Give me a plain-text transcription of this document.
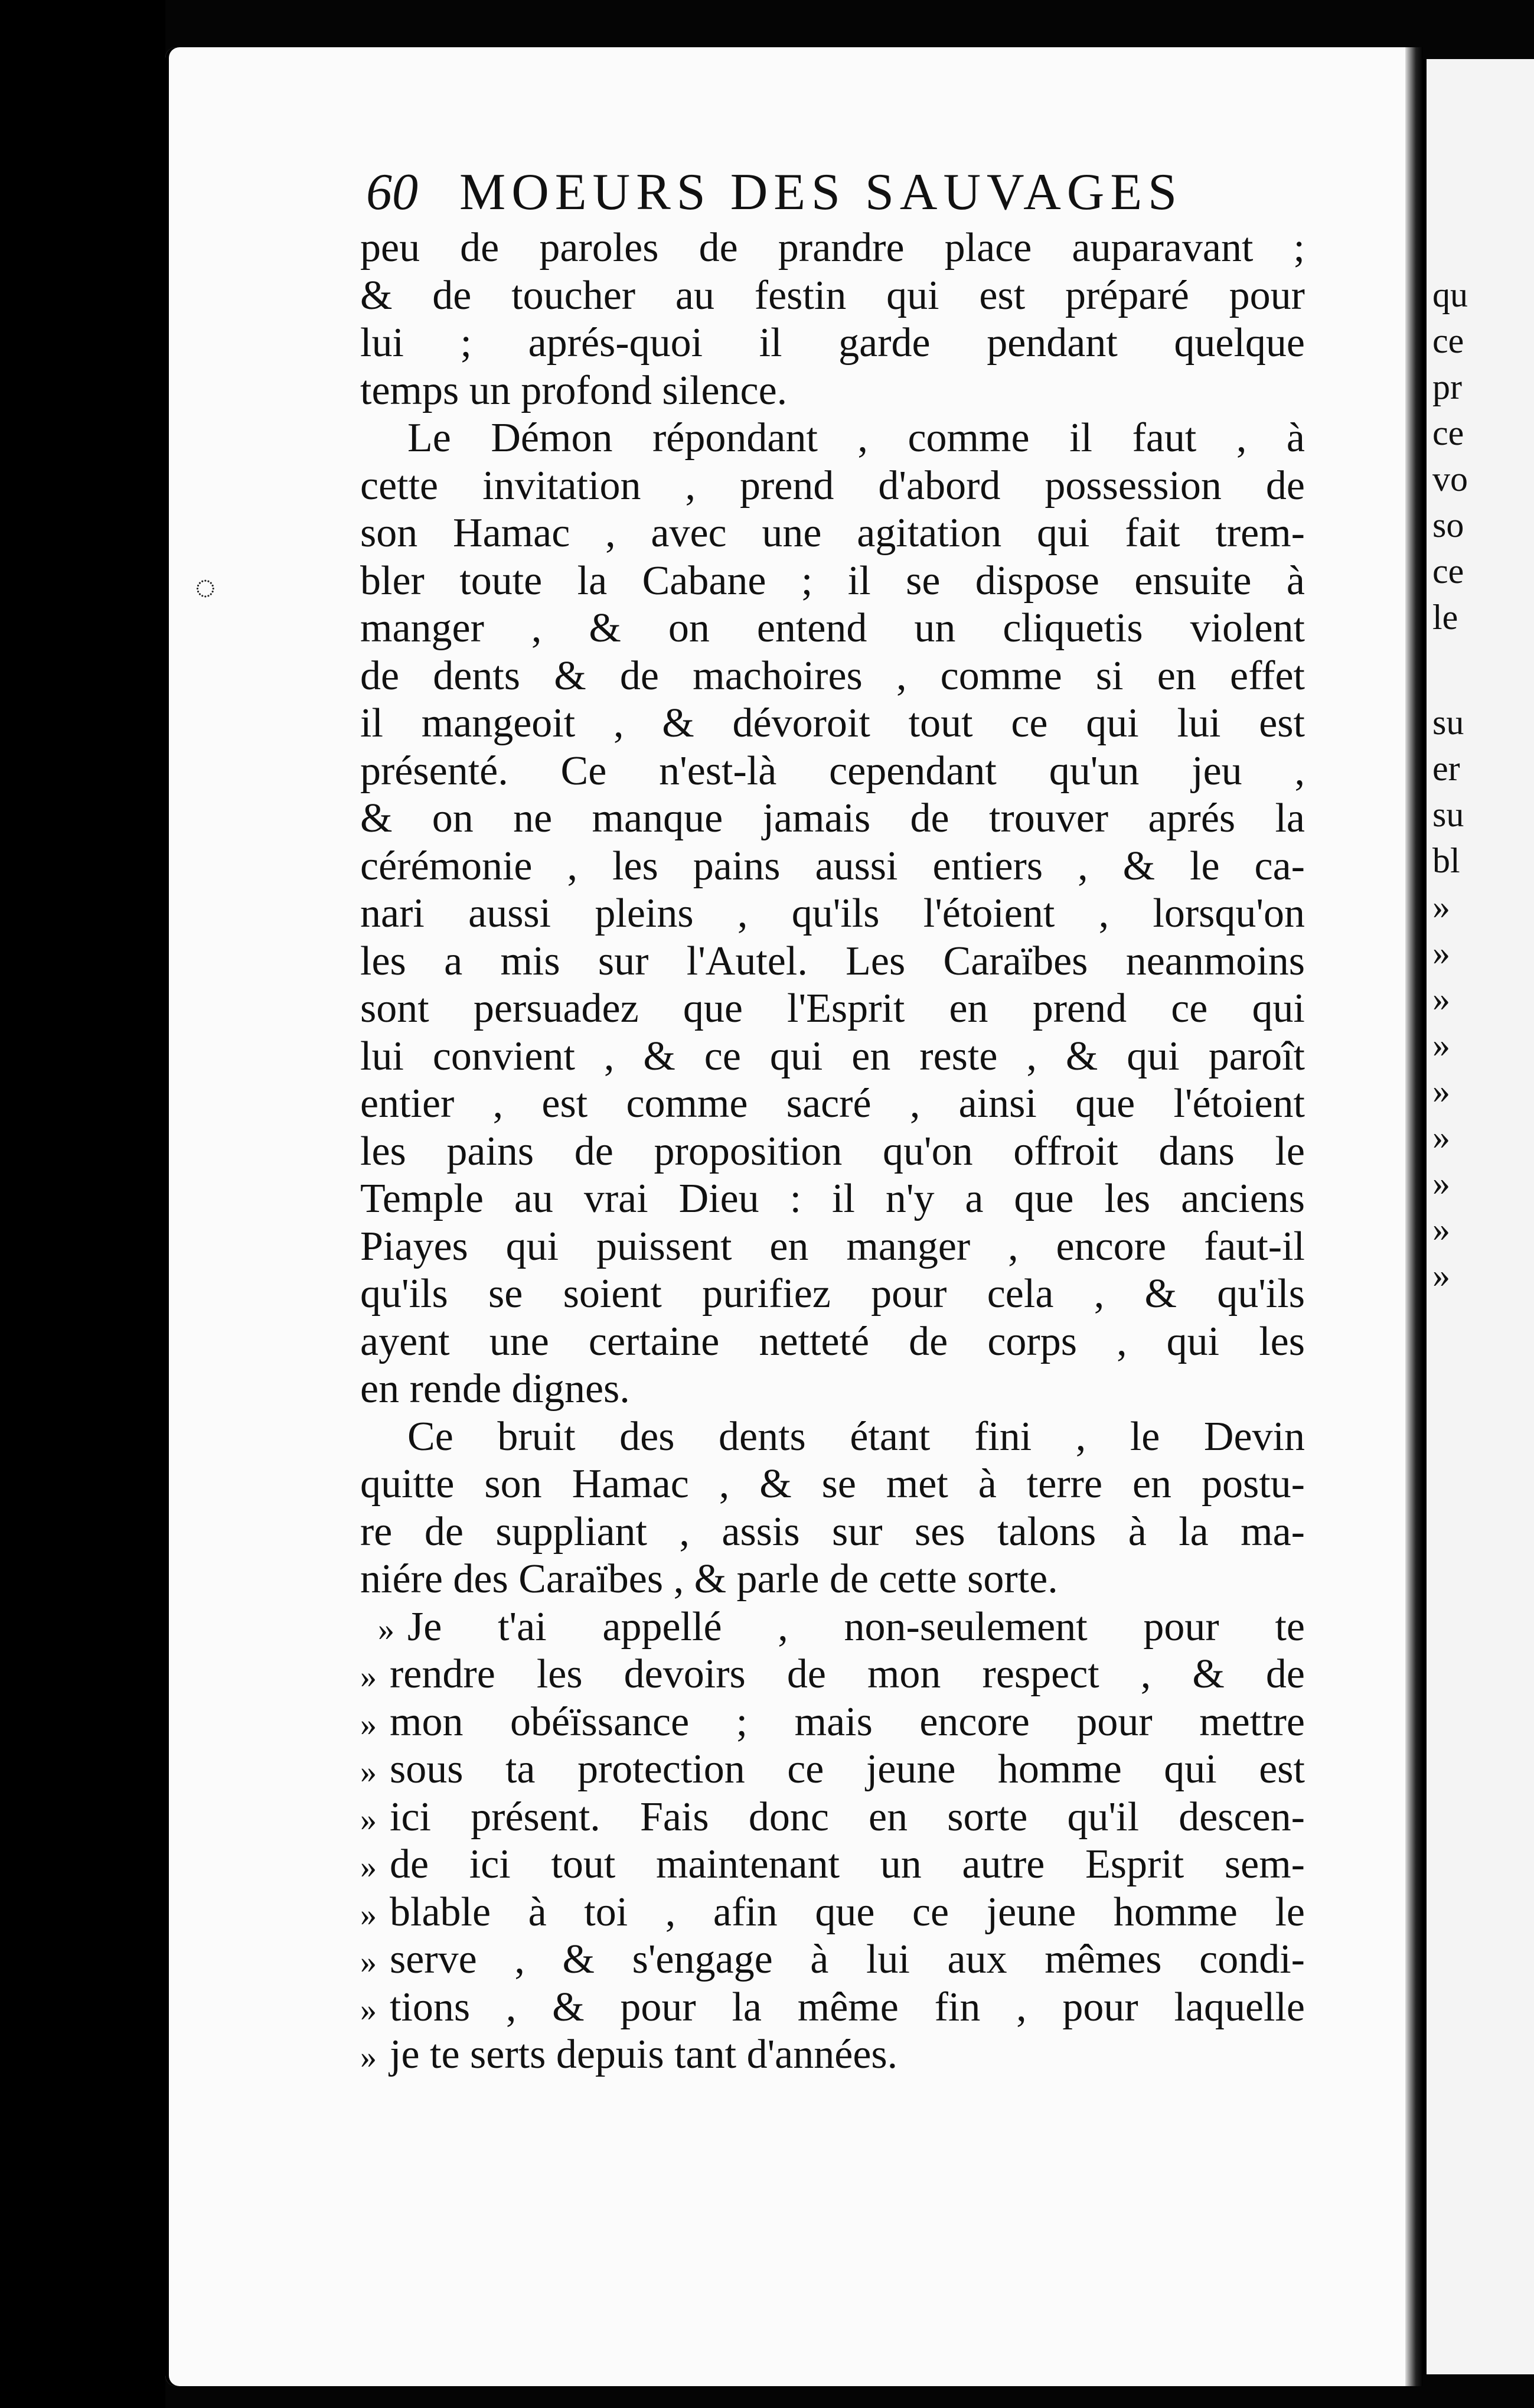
60 MOEURS DES SAUVAGES
peu de paroles de prandre place auparavant ;
& de toucher au festin qui est préparé pour
lui ; aprés-quoi il garde pendant quelque
temps un profond silence.
Le Démon répondant , comme il faut , à
cette invitation , prend d'abord possession de
son Hamac , avec une agitation qui fait trem-
bler toute la Cabane ; il se dispose ensuite à
manger , & on entend un cliquetis violent
de dents & de machoires , comme si en effet
il mangeoit , & dévoroit tout ce qui lui est
présenté. Ce n'est-là cependant qu'un jeu ,
& on ne manque jamais de trouver aprés la
cérémonie , les pains aussi entiers , & le ca-
nari aussi pleins , qu'ils l'étoient , lorsqu'on
les a mis sur l'Autel. Les Caraïbes neanmoins
sont persuadez que l'Esprit en prend ce qui
lui convient , & ce qui en reste , & qui paroît
entier , est comme sacré , ainsi que l'étoient
les pains de proposition qu'on offroit dans le
Temple au vrai Dieu : il n'y a que les anciens
Piayes qui puissent en manger , encore faut-il
qu'ils se soient purifiez pour cela , & qu'ils
ayent une certaine netteté de corps , qui les
en rende dignes.
Ce bruit des dents étant fini , le Devin
quitte son Hamac , & se met à terre en postu-
re de suppliant , assis sur ses talons à la ma-
niére des Caraïbes , & parle de cette sorte.
» Je t'ai appellé , non-seulement pour te
» rendre les devoirs de mon respect , & de
» mon obéïssance ; mais encore pour mettre
» sous ta protection ce jeune homme qui est
» ici présent. Fais donc en sorte qu'il descen-
» de ici tout maintenant un autre Esprit sem-
» blable à toi , afin que ce jeune homme le
» serve , & s'engage à lui aux mêmes condi-
» tions , & pour la même fin , pour laquelle
» je te serts depuis tant d'années.
qu
ce
pr
ce
vo
so
ce
le
su
er
su
bl
»
»
»
»
»
»
»
»
»
◌
